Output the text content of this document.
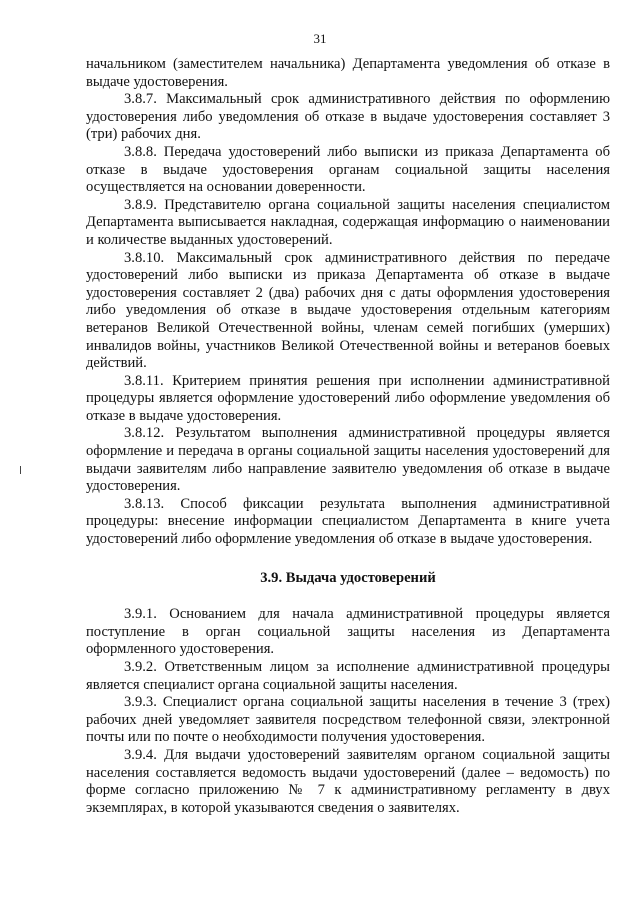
31

начальником (заместителем начальника) Департамента уведомления об отказе в выдаче удостоверения.

3.8.7. Максимальный срок административного действия по оформлению удостоверения либо уведомления об отказе в выдаче удостоверения составляет 3 (три) рабочих дня.

3.8.8. Передача удостоверений либо выписки из приказа Департамента об отказе в выдаче удостоверения органам социальной защиты населения осуществляется на основании доверенности.

3.8.9. Представителю органа социальной защиты населения специалистом Департамента выписывается накладная, содержащая информацию о наименовании и количестве выданных удостоверений.

3.8.10. Максимальный срок административного действия по передаче удостоверений либо выписки из приказа Департамента об отказе в выдаче удостоверения составляет 2 (два) рабочих дня с даты оформления удостоверения либо уведомления об отказе в выдаче удостоверения отдельным категориям ветеранов Великой Отечественной войны, членам семей погибших (умерших) инвалидов войны, участников Великой Отечественной войны и ветеранов боевых действий.

3.8.11. Критерием принятия решения при исполнении административной процедуры является оформление удостоверений либо оформление уведомления об отказе в выдаче удостоверения.

3.8.12. Результатом выполнения административной процедуры является оформление и передача в органы социальной защиты населения удостоверений для выдачи заявителям либо направление заявителю уведомления об отказе в выдаче удостоверения.

3.8.13. Способ фиксации результата выполнения административной процедуры: внесение информации специалистом Департамента в книге учета удостоверений либо оформление уведомления об отказе в выдаче удостоверения.

3.9. Выдача удостоверений

3.9.1. Основанием для начала административной процедуры является поступление в орган социальной защиты населения из Департамента оформленного удостоверения.

3.9.2. Ответственным лицом за исполнение административной процедуры является специалист органа социальной защиты населения.

3.9.3. Специалист органа социальной защиты населения в течение 3 (трех) рабочих дней уведомляет заявителя посредством телефонной связи, электронной почты или по почте о необходимости получения удостоверения.

3.9.4. Для выдачи удостоверений заявителям органом социальной защиты населения составляется ведомость выдачи удостоверений (далее – ведомость) по форме согласно приложению № 7 к административному регламенту в двух экземплярах, в которой указываются сведения о заявителях.
